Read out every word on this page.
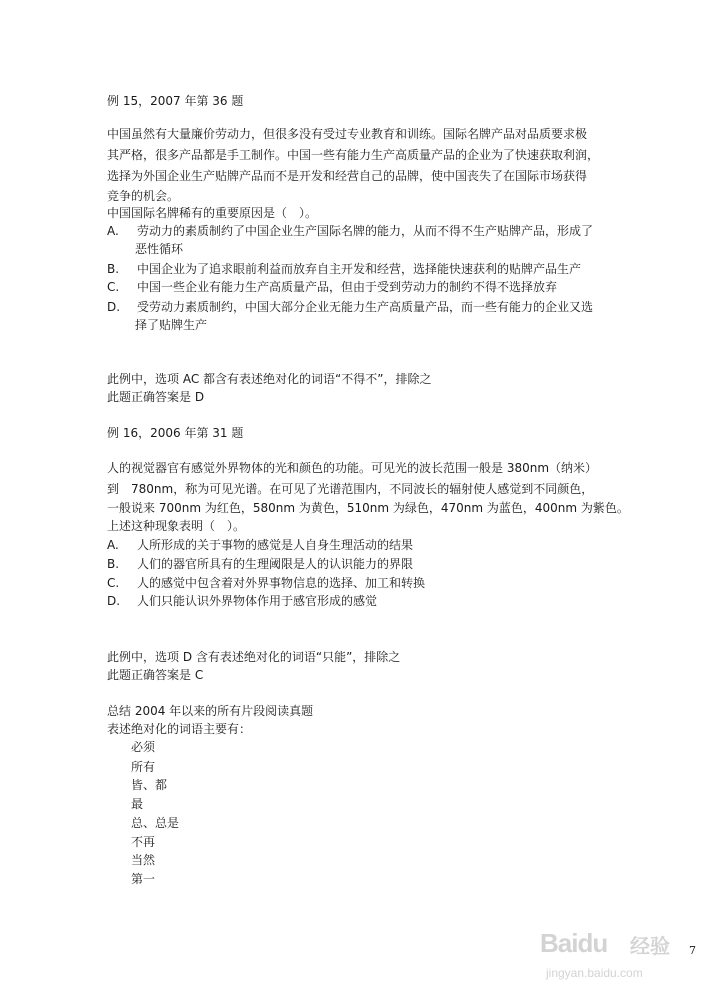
例 15，2007 年第 36 题
中国虽然有大量廉价劳动力，但很多没有受过专业教育和训练。国际名牌产品对品质要求极
其严格，很多产品都是手工制作。中国一些有能力生产高质量产品的企业为了快速获取利润，
选择为外国企业生产贴牌产品而不是开发和经营自己的品牌，使中国丧失了在国际市场获得
竞争的机会。
中国国际名牌稀有的重要原因是（　）。
A. 劳动力的素质制约了中国企业生产国际名牌的能力，从而不得不生产贴牌产品，形成了
恶性循环
B. 中国企业为了追求眼前利益而放弃自主开发和经营，选择能快速获利的贴牌产品生产
C. 中国一些企业有能力生产高质量产品，但由于受到劳动力的制约不得不选择放弃
D. 受劳动力素质制约，中国大部分企业无能力生产高质量产品，而一些有能力的企业又选
择了贴牌生产
此例中，选项 AC 都含有表述绝对化的词语“不得不”，排除之
此题正确答案是 D
例 16，2006 年第 31 题
人的视觉器官有感觉外界物体的光和颜色的功能。可见光的波长范围一般是 380nm（纳米）
到　780nm，称为可见光谱。在可见了光谱范围内，不同波长的辐射使人感觉到不同颜色，
一般说来 700nm 为红色，580nm 为黄色，510nm 为绿色，470nm 为蓝色，400nm 为紫色。
上述这种现象表明（　）。
A. 人所形成的关于事物的感觉是人自身生理活动的结果
B. 人们的器官所具有的生理阈限是人的认识能力的界限
C. 人的感觉中包含着对外界事物信息的选择、加工和转换
D. 人们只能认识外界物体作用于感官形成的感觉
此例中，选项 D 含有表述绝对化的词语“只能”，排除之
此题正确答案是 C
总结 2004 年以来的所有片段阅读真题
表述绝对化的词语主要有：
必须
所有
皆、都
最
总、总是
不再
当然
第一
7
Baidu 经验
jingyan.baidu.com
